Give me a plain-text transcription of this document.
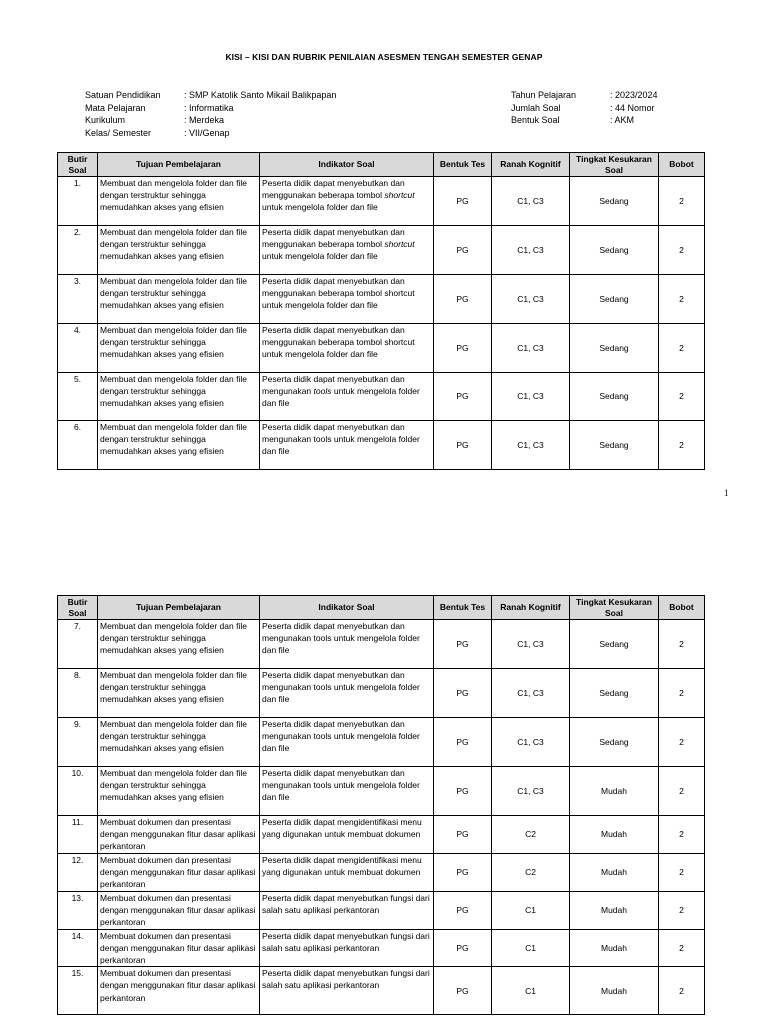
KISI – KISI DAN RUBRIK PENILAIAN ASESMEN TENGAH SEMESTER GENAP
Satuan Pendidikan	: SMP Katolik Santo Mikail Balikpapan
Mata Pelajaran	: Informatika
Kurikulum	: Merdeka
Kelas/ Semester	: VII/Genap
Tahun Pelajaran	: 2023/2024
Jumlah Soal	: 44 Nomor
Bentuk Soal	: AKM
Butir Soal	Tujuan Pembelajaran	Indikator Soal	Bentuk Tes	Ranah Kognitif	Tingkat Kesukaran Soal	Bobot
1.	Membuat dan mengelola folder dan file dengan terstruktur sehingga memudahkan akses yang efisien	Peserta didik dapat menyebutkan dan menggunakan beberapa tombol shortcut untuk mengelola folder dan file	PG	C1, C3	Sedang	2
2.	Membuat dan mengelola folder dan file dengan terstruktur sehingga memudahkan akses yang efisien	Peserta didik dapat menyebutkan dan menggunakan beberapa tombol shortcut untuk mengelola folder dan file	PG	C1, C3	Sedang	2
3.	Membuat dan mengelola folder dan file dengan terstruktur sehingga memudahkan akses yang efisien	Peserta didik dapat menyebutkan dan menggunakan beberapa tombol shortcut untuk mengelola folder dan file	PG	C1, C3	Sedang	2
4.	Membuat dan mengelola folder dan file dengan terstruktur sehingga memudahkan akses yang efisien	Peserta didik dapat menyebutkan dan menggunakan beberapa tombol shortcut untuk mengelola folder dan file	PG	C1, C3	Sedang	2
5.	Membuat dan mengelola folder dan file dengan terstruktur sehingga memudahkan akses yang efisien	Peserta didik dapat menyebutkan dan mengunakan tools untuk mengelola folder dan file	PG	C1, C3	Sedang	2
6.	Membuat dan mengelola folder dan file dengan terstruktur sehingga memudahkan akses yang efisien	Peserta didik dapat menyebutkan dan mengunakan tools untuk mengelola folder dan file	PG	C1, C3	Sedang	2
1
Butir Soal	Tujuan Pembelajaran	Indikator Soal	Bentuk Tes	Ranah Kognitif	Tingkat Kesukaran Soal	Bobot
7.	Membuat dan mengelola folder dan file dengan terstruktur sehingga memudahkan akses yang efisien	Peserta didik dapat menyebutkan dan mengunakan tools untuk mengelola folder dan file	PG	C1, C3	Sedang	2
8.	Membuat dan mengelola folder dan file dengan terstruktur sehingga memudahkan akses yang efisien	Peserta didik dapat menyebutkan dan mengunakan tools untuk mengelola folder dan file	PG	C1, C3	Sedang	2
9.	Membuat dan mengelola folder dan file dengan terstruktur sehingga memudahkan akses yang efisien	Peserta didik dapat menyebutkan dan mengunakan tools untuk mengelola folder dan file	PG	C1, C3	Sedang	2
10.	Membuat dan mengelola folder dan file dengan terstruktur sehingga memudahkan akses yang efisien	Peserta didik dapat menyebutkan dan mengunakan tools untuk mengelola folder dan file	PG	C1, C3	Mudah	2
11.	Membuat dokumen dan presentasi dengan menggunakan fitur dasar aplikasi perkantoran	Peserta didik dapat mengidentifikasi menu yang digunakan untuk membuat dokumen	PG	C2	Mudah	2
12.	Membuat dokumen dan presentasi dengan menggunakan fitur dasar aplikasi perkantoran	Peserta didik dapat mengidentifikasi menu yang digunakan untuk membuat dokumen	PG	C2	Mudah	2
13.	Membuat dokumen dan presentasi dengan menggunakan fitur dasar aplikasi perkantoran	Peserta didik dapat menyebutkan fungsi dari salah satu aplikasi perkantoran	PG	C1	Mudah	2
14.	Membuat dokumen dan presentasi dengan menggunakan fitur dasar aplikasi perkantoran	Peserta didik dapat menyebutkan fungsi dari salah satu aplikasi perkantoran	PG	C1	Mudah	2
15.	Membuat dokumen dan presentasi dengan menggunakan fitur dasar aplikasi perkantoran	Peserta didik dapat menyebutkan fungsi dari salah satu aplikasi perkantoran	PG	C1	Mudah	2
